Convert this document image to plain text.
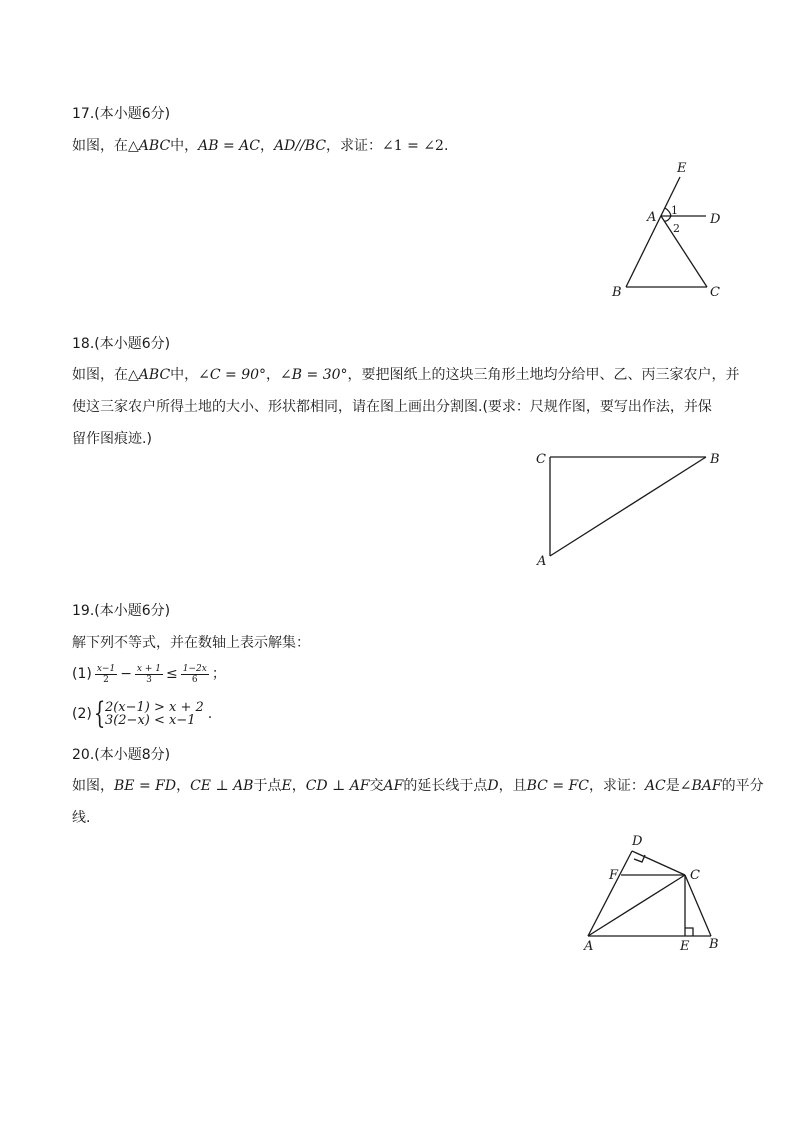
17.(本小题6分)
如图，在△ABC中，AB = AC，AD//BC，求证：∠1 = ∠2.
E
A	D
B	C
1
2
18.(本小题6分)
如图，在△ABC中，∠C = 90°，∠B = 30°，要把图纸上的这块三角形土地均分给甲、乙、丙三家农户，并
使这三家农户所得土地的大小、形状都相同，请在图上画出分割图.(要求：尺规作图，要写出作法，并保
留作图痕迹.)
C	B
A
19.(本小题6分)
解下列不等式，并在数轴上表示解集：
$(1) \frac{x-1}{2} - \frac{x + 1}{3} \le \frac{1-2x}{6}$ ；
(2){ 2(x−1) > x + 2
3(2−x) < x−1 .
20.(本小题8分)
如图，BE = FD，CE ⊥ AB于点E，CD ⊥ AF交AF的延长线于点D，且BC = FC，求证：AC是∠BAF的平分
线.
D
F	C
A	E B
